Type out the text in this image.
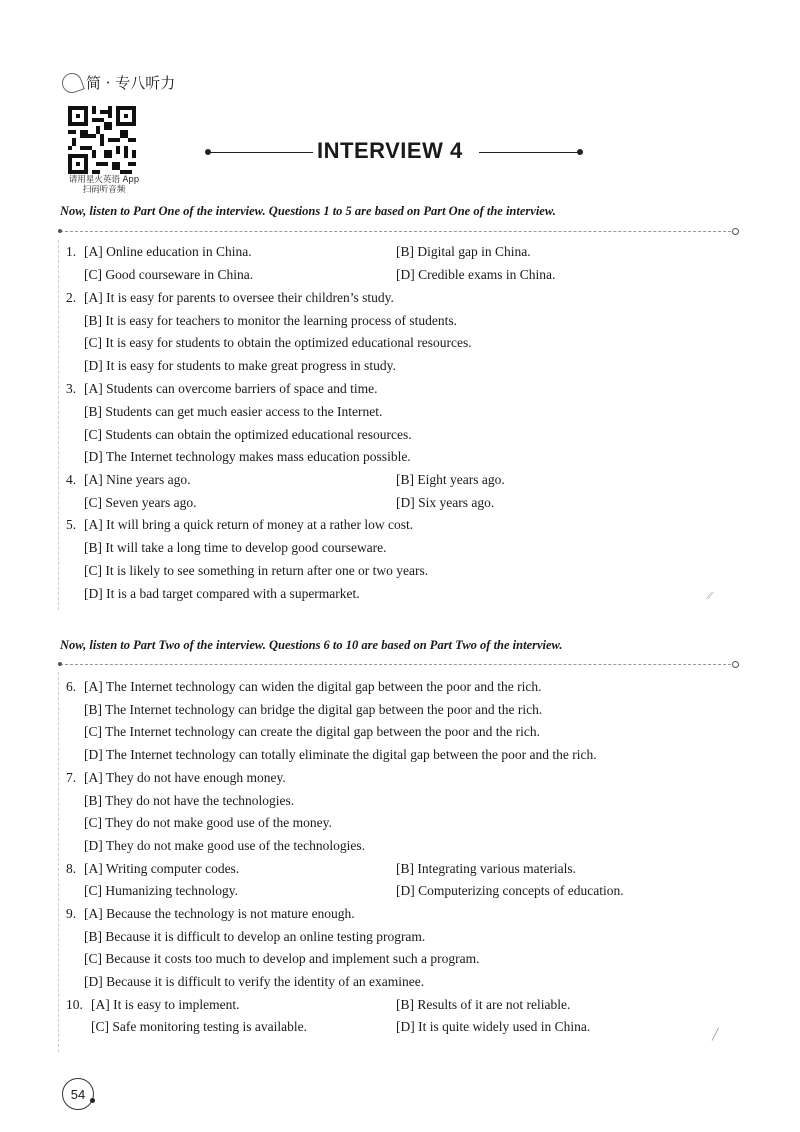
简 · 专八听力
请用星火英语 App
扫码听音频
INTERVIEW 4
Now, listen to Part One of the interview. Questions 1 to 5 are based on Part One of the interview.
1. [A] Online education in China.	[B] Digital gap in China.
[C] Good courseware in China.	[D] Credible exams in China.
2. [A] It is easy for parents to oversee their children’s study.
[B] It is easy for teachers to monitor the learning process of students.
[C] It is easy for students to obtain the optimized educational resources.
[D] It is easy for students to make great progress in study.
3. [A] Students can overcome barriers of space and time.
[B] Students can get much easier access to the Internet.
[C] Students can obtain the optimized educational resources.
[D] The Internet technology makes mass education possible.
4. [A] Nine years ago.	[B] Eight years ago.
[C] Seven years ago.	[D] Six years ago.
5. [A] It will bring a quick return of money at a rather low cost.
[B] It will take a long time to develop good courseware.
[C] It is likely to see something in return after one or two years.
[D] It is a bad target compared with a supermarket.	⁄⁄
Now, listen to Part Two of the interview. Questions 6 to 10 are based on Part Two of the interview.
6. [A] The Internet technology can widen the digital gap between the poor and the rich.
[B] The Internet technology can bridge the digital gap between the poor and the rich.
[C] The Internet technology can create the digital gap between the poor and the rich.
[D] The Internet technology can totally eliminate the digital gap between the poor and the rich.
7. [A] They do not have enough money.
[B] They do not have the technologies.
[C] They do not make good use of the money.
[D] They do not make good use of the technologies.
8. [A] Writing computer codes.	[B] Integrating various materials.
[C] Humanizing technology.	[D] Computerizing concepts of education.
9. [A] Because the technology is not mature enough.
[B] Because it is difficult to develop an online testing program.
[C] Because it costs too much to develop and implement such a program.
[D] Because it is difficult to verify the identity of an examinee.
10. [A] It is easy to implement.	[B] Results of it are not reliable.
[C] Safe monitoring testing is available.	[D] It is quite widely used in China.
╱
54
